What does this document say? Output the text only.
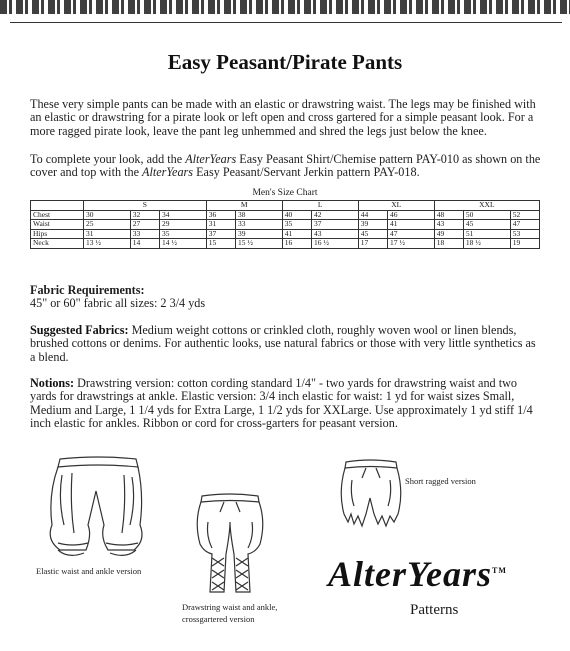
Easy Peasant/Pirate Pants
These very simple pants can be made with an elastic or drawstring waist. The legs may be finished with an elastic or drawstring for a pirate look or left open and cross gartered for a simple peasant look. For a more ragged pirate look, leave the pant leg unhemmed and shred the legs just below the knee.
To complete your look, add the AlterYears Easy Peasant Shirt/Chemise pattern PAY-010 as shown on the cover and top with the AlterYears Easy Peasant/Servant Jerkin pattern PAY-018.
Men's Size Chart
	S			M		L		XL		XXL		
Chest	30	32	34	36	38	40	42	44	46	48	50	52
Waist	25	27	29	31	33	35	37	39	41	43	45	47
Hips	31	33	35	37	39	41	43	45	47	49	51	53
Neck	13 ½	14	14 ½	15	15 ½	16	16 ½	17	17 ½	18	18 ½	19
Fabric Requirements:
45" or 60" fabric all sizes: 2 3/4 yds
Suggested Fabrics: Medium weight cottons or crinkled cloth, roughly woven wool or linen blends, brushed cottons or denims. For authentic looks, use natural fabrics or those with very little synthetics as a blend.
Notions: Drawstring version: cotton cording standard 1/4" - two yards for drawstring waist and two yards for drawstrings at ankle. Elastic version: 3/4 inch elastic for waist: 1 yd for waist sizes Small, Medium and Large, 1 1/4 yds for Extra Large, 1 1/2 yds for XXLarge. Use approximately 1 yd stiff 1/4 inch elastic for ankles. Ribbon or cord for cross-garters for peasant version.
Elastic waist and ankle version
Drawstring waist and ankle, crossgartered version
Short ragged version
AlterYears™
Patterns
